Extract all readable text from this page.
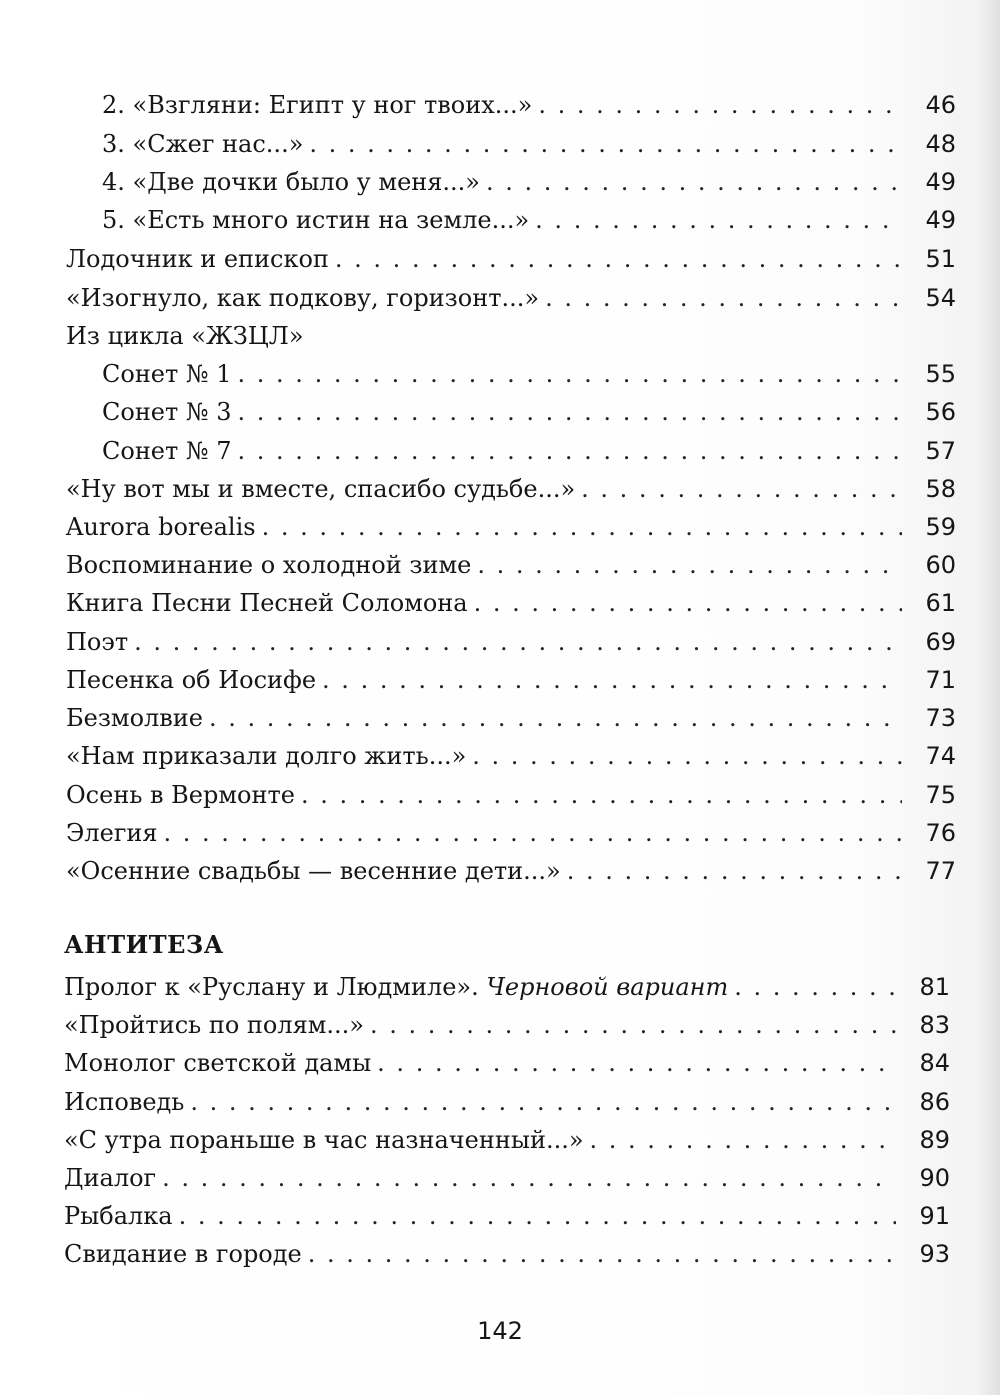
2. «Взгляни: Египт у ног твоих...» . . .	46
3. «Сжег нас...» . . .	48
4. «Две дочки было у меня...» . . .	49
5. «Есть много истин на земле...» . . .	49
Лодочник и епископ . . .	51
«Изогнуло, как подкову, горизонт...» . . .	54
Из цикла «ЖЗЦЛ»
Сонет № 1 . . .	55
Сонет № 3 . . .	56
Сонет № 7 . . .	57
«Ну вот мы и вместе, спасибо судьбе...» . . .	58
Aurora borealis . . .	59
Воспоминание о холодной зиме . . .	60
Книга Песни Песней Соломона . . .	61
Поэт . . .	69
Песенка об Иосифе . . .	71
Безмолвие . . .	73
«Нам приказали долго жить...» . . .	74
Осень в Вермонте . . .	75
Элегия . . .	76
«Осенние свадьбы — весенние дети...» . . .	77
АНТИТЕЗА
Пролог к «Руслану и Людмиле». Черновой вариант . . .	81
«Пройтись по полям...» . . .	83
Монолог светской дамы . . .	84
Исповедь . . .	86
«С утра пораньше в час назначенный...» . . .	89
Диалог . . .	90
Рыбалка . . .	91
Свидание в городе . . .	93
142
